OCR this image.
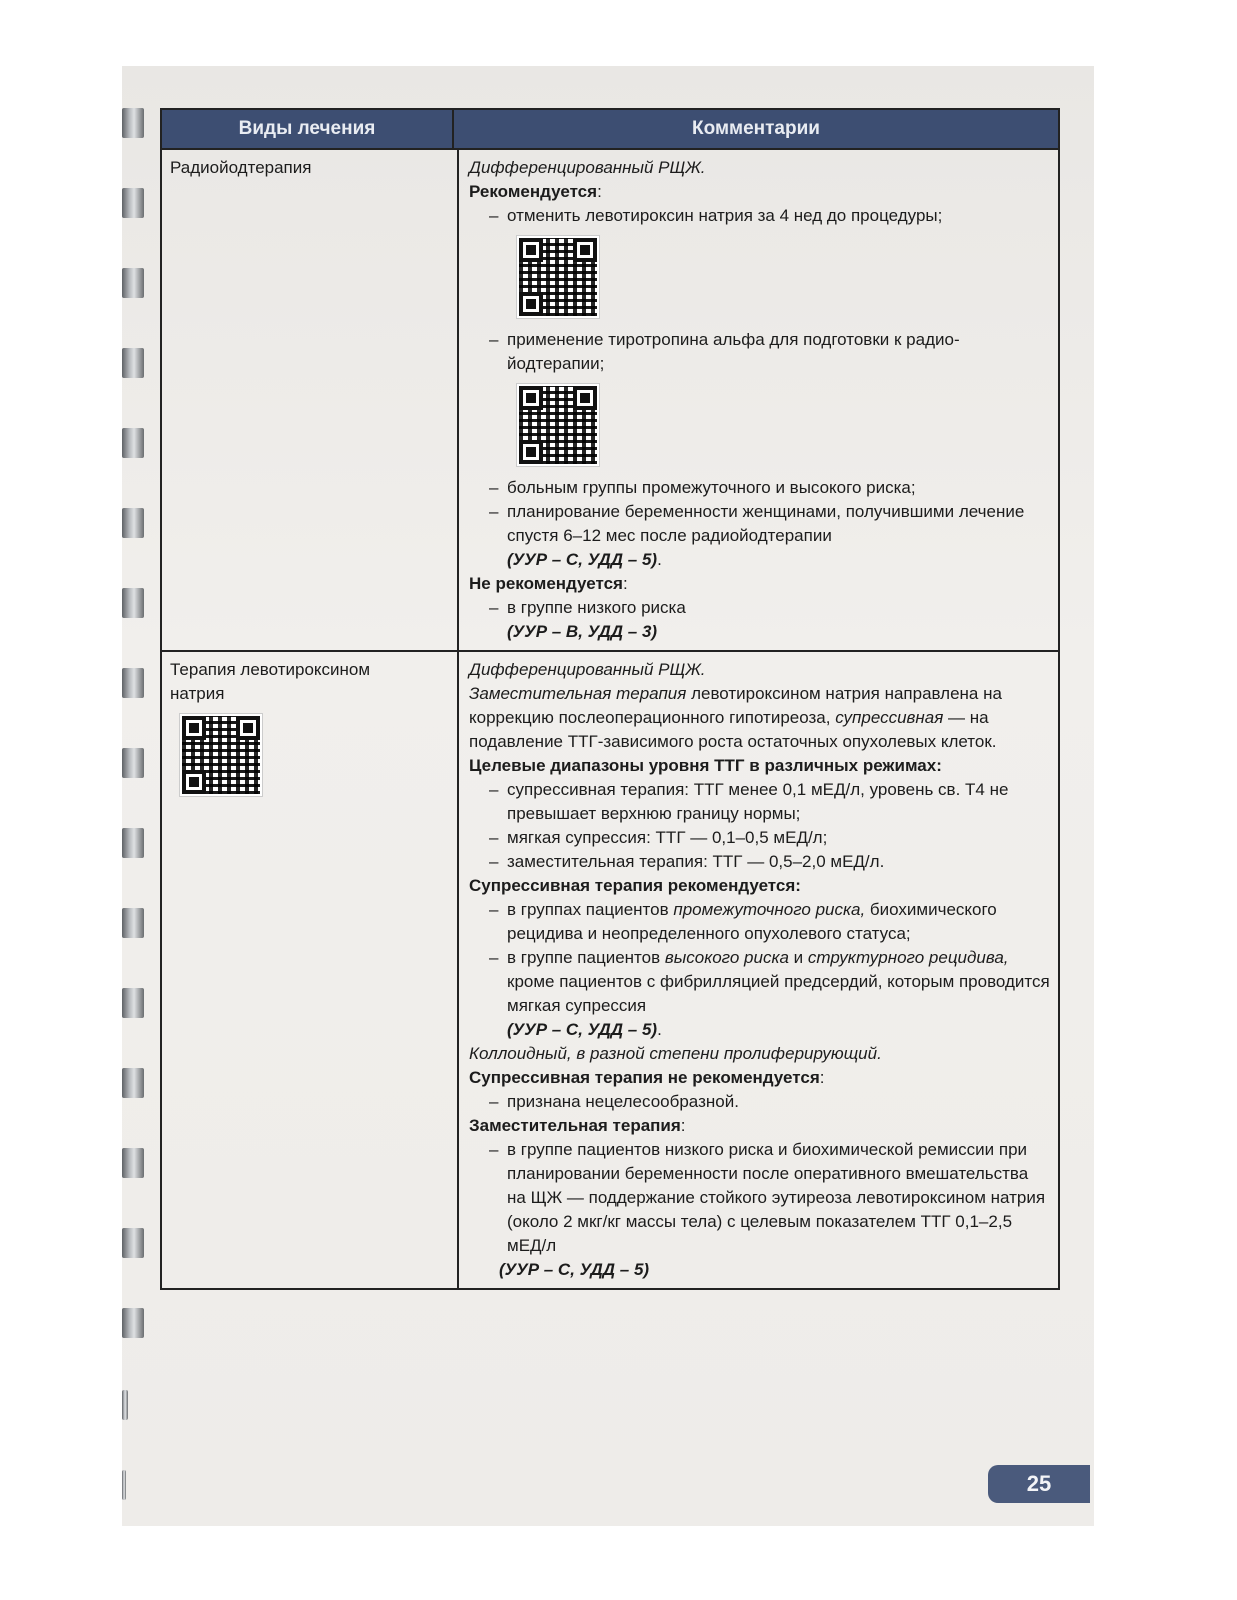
Виды лечения	Комментарии
Радиойодтерапия	Дифференцированный РЩЖ.
Рекомендуется:
– отменить левотироксин натрия за 4 нед до процедуры;
– применение тиротропина альфа для подготовки к радио-йодтерапии;
– больным группы промежуточного и высокого риска;
– планирование беременности женщинами, получившими лечение спустя 6–12 мес после радиойодтерапии
(УУР – С, УДД – 5).
Не рекомендуется:
– в группе низкого риска
(УУР – В, УДД – 3)
Терапия левотироксином натрия
Дифференцированный РЩЖ.
Заместительная терапия левотироксином натрия направлена на коррекцию послеоперационного гипотиреоза, супрессивная — на подавление ТТГ-зависимого роста остаточных опухолевых клеток.
Целевые диапазоны уровня ТТГ в различных режимах:
– супрессивная терапия: ТТГ менее 0,1 мЕД/л, уровень св. Т4 не превышает верхнюю границу нормы;
– мягкая супрессия: ТТГ — 0,1–0,5 мЕД/л;
– заместительная терапия: ТТГ — 0,5–2,0 мЕД/л.
Супрессивная терапия рекомендуется:
– в группах пациентов промежуточного риска, биохимического рецидива и неопределенного опухолевого статуса;
– в группе пациентов высокого риска и структурного рецидива, кроме пациентов с фибрилляцией предсердий, которым проводится мягкая супрессия
(УУР – С, УДД – 5).
Коллоидный, в разной степени пролиферирующий.
Супрессивная терапия не рекомендуется:
– признана нецелесообразной.
Заместительная терапия:
– в группе пациентов низкого риска и биохимической ремиссии при планировании беременности после оперативного вмешательства на ЩЖ — поддержание стойкого эутиреоза левотироксином натрия (около 2 мкг/кг массы тела) с целевым показателем ТТГ 0,1–2,5 мЕД/л
(УУР – С, УДД – 5)
25
